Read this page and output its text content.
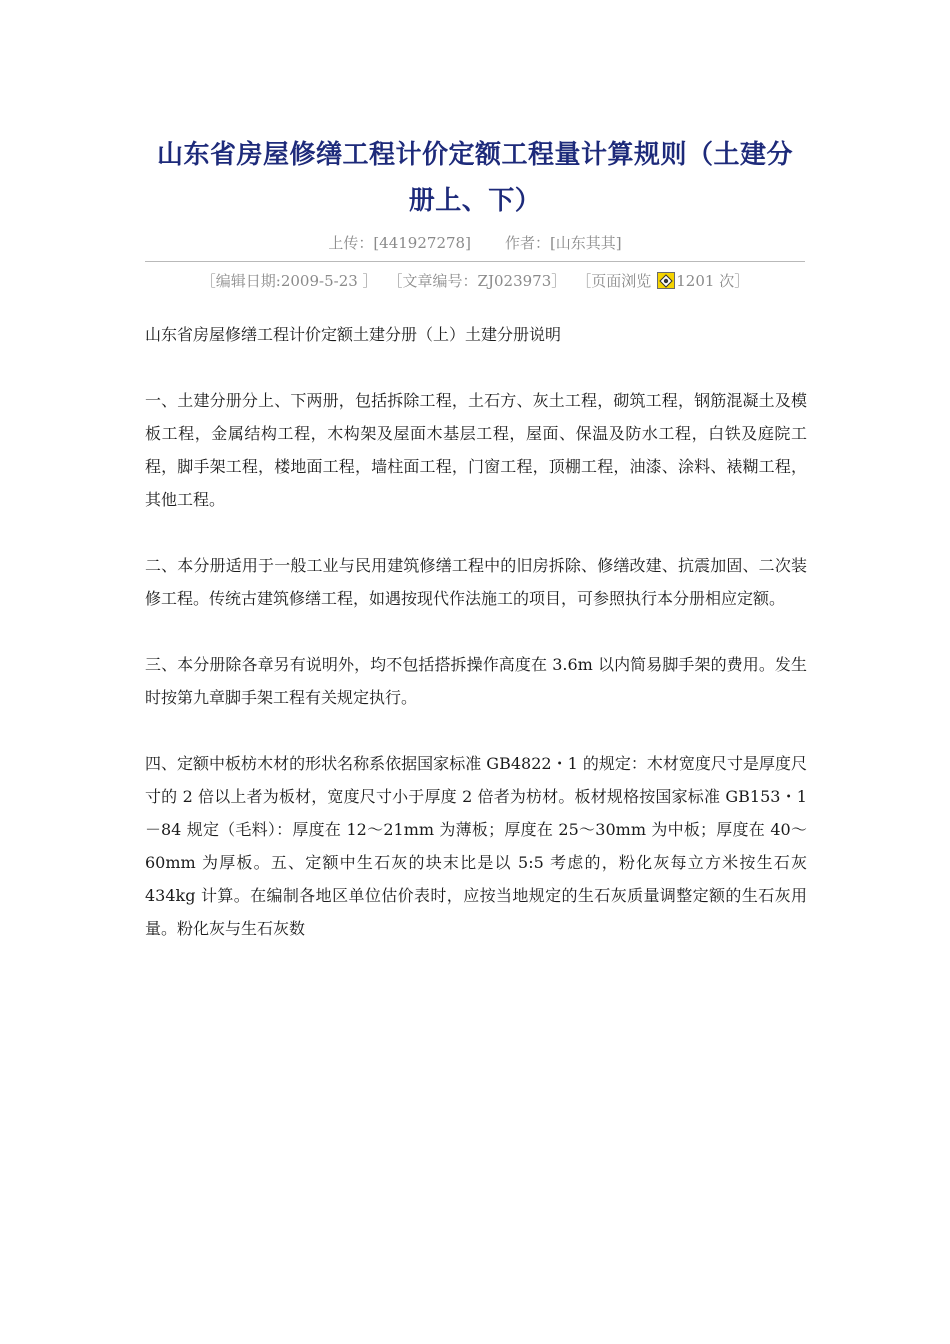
山东省房屋修缮工程计价定额工程量计算规则（土建分册上、下）
上传：[441927278] 作者：[山东其其]
［编辑日期:2009-5-23 ］ ［文章编号：ZJ023973］ ［页面浏览 1201 次］

山东省房屋修缮工程计价定额土建分册（上）土建分册说明

一、土建分册分上、下两册，包括拆除工程，土石方、灰土工程，砌筑工程，钢筋混凝土及模板工程，金属结构工程，木构架及屋面木基层工程，屋面、保温及防水工程，白铁及庭院工程，脚手架工程，楼地面工程，墙柱面工程，门窗工程，顶棚工程，油漆、涂料、裱糊工程，其他工程。

二、本分册适用于一般工业与民用建筑修缮工程中的旧房拆除、修缮改建、抗震加固、二次装修工程。传统古建筑修缮工程，如遇按现代作法施工的项目，可参照执行本分册相应定额。

三、本分册除各章另有说明外，均不包括搭拆操作高度在 3.6m 以内简易脚手架的费用。发生时按第九章脚手架工程有关规定执行。

四、定额中板枋木材的形状名称系依据国家标准 GB4822・1 的规定：木材宽度尺寸是厚度尺寸的 2 倍以上者为板材，宽度尺寸小于厚度 2 倍者为枋材。板材规格按国家标准 GB153・1－84 规定（毛料）：厚度在 12～21mm 为薄板；厚度在 25～30mm 为中板；厚度在 40～60mm 为厚板。五、定额中生石灰的块末比是以 5:5 考虑的，粉化灰每立方米按生石灰 434kg 计算。在编制各地区单位估价表时，应按当地规定的生石灰质量调整定额的生石灰用量。粉化灰与生石灰数
